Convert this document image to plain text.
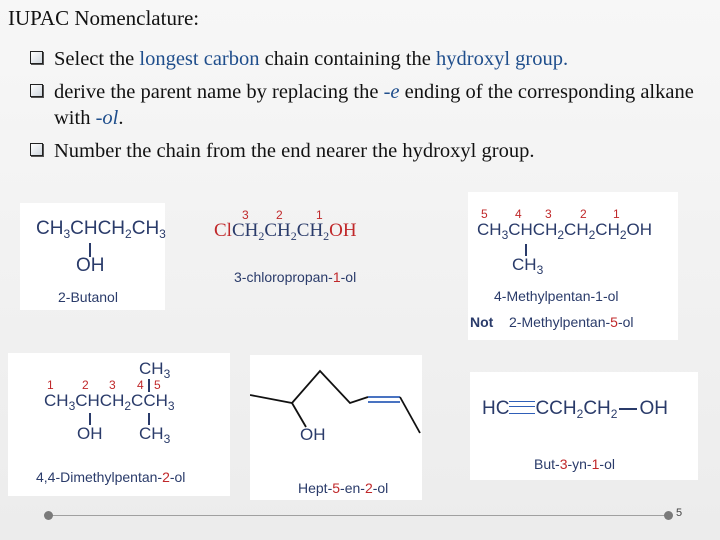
IUPAC Nomenclature:
Select the longest carbon chain containing the hydroxyl group.
derive the parent name by replacing the -e ending of the corresponding alkane with -ol.
Number the chain from the end nearer the hydroxyl group.
$CH_3CHCH_2CH_3$
OH
2-Butanol
3 2	1
$ClCH_2CH_2CH_2OH$
3-chloropropan-1-ol
5 4 3 2 1
$CH_3CHCH_2CH_2CH_2OH$
$CH_3$
4-Methylpentan-1-ol
Not 2-Methylpentan-5-ol
$CH_3$
1 2 3 4 5
$CH_3CHCH_2CCH_3$
OH $CH_3$
4,4-Dimethylpentan-2-ol
OH
Hept-5-en-2-ol
HC $CCH_2CH_2$ OH
But-3-yn-1-ol
5
